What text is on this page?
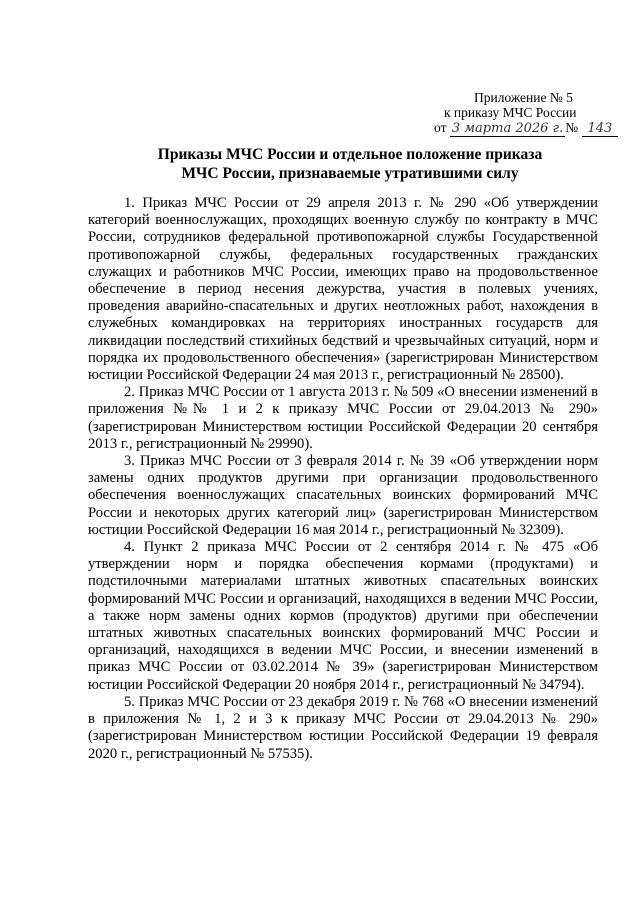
Приложение № 5
к приказу МЧС России
от 3 марта 2026 г. № 143
Приказы МЧС России и отдельное положение приказа
МЧС России, признаваемые утратившими силу

1. Приказ МЧС России от 29 апреля 2013 г. № 290 «Об утверждении категорий военнослужащих, проходящих военную службу по контракту в МЧС России, сотрудников федеральной противопожарной службы Государственной противопожарной службы, федеральных государственных гражданских служащих и работников МЧС России, имеющих право на продовольственное обеспечение в период несения дежурства, участия в полевых учениях, проведения аварийно-спасательных и других неотложных работ, нахождения в служебных командировках на территориях иностранных государств для ликвидации последствий стихийных бедствий и чрезвычайных ситуаций, норм и порядка их продовольственного обеспечения» (зарегистрирован Министерством юстиции Российской Федерации 24 мая 2013 г., регистрационный № 28500).

2. Приказ МЧС России от 1 августа 2013 г. № 509 «О внесении изменений в приложения №№ 1 и 2 к приказу МЧС России от 29.04.2013 № 290» (зарегистрирован Министерством юстиции Российской Федерации 20 сентября 2013 г., регистрационный № 29990).

3. Приказ МЧС России от 3 февраля 2014 г. № 39 «Об утверждении норм замены одних продуктов другими при организации продовольственного обеспечения военнослужащих спасательных воинских формирований МЧС России и некоторых других категорий лиц» (зарегистрирован Министерством юстиции Российской Федерации 16 мая 2014 г., регистрационный № 32309).

4. Пункт 2 приказа МЧС России от 2 сентября 2014 г. № 475 «Об утверждении норм и порядка обеспечения кормами (продуктами) и подстилочными материалами штатных животных спасательных воинских формирований МЧС России и организаций, находящихся в ведении МЧС России, а также норм замены одних кормов (продуктов) другими при обеспечении штатных животных спасательных воинских формирований МЧС России и организаций, находящихся в ведении МЧС России, и внесении изменений в приказ МЧС России от 03.02.2014 № 39» (зарегистрирован Министерством юстиции Российской Федерации 20 ноября 2014 г., регистрационный № 34794).

5. Приказ МЧС России от 23 декабря 2019 г. № 768 «О внесении изменений в приложения № 1, 2 и 3 к приказу МЧС России от 29.04.2013 № 290» (зарегистрирован Министерством юстиции Российской Федерации 19 февраля 2020 г., регистрационный № 57535).
